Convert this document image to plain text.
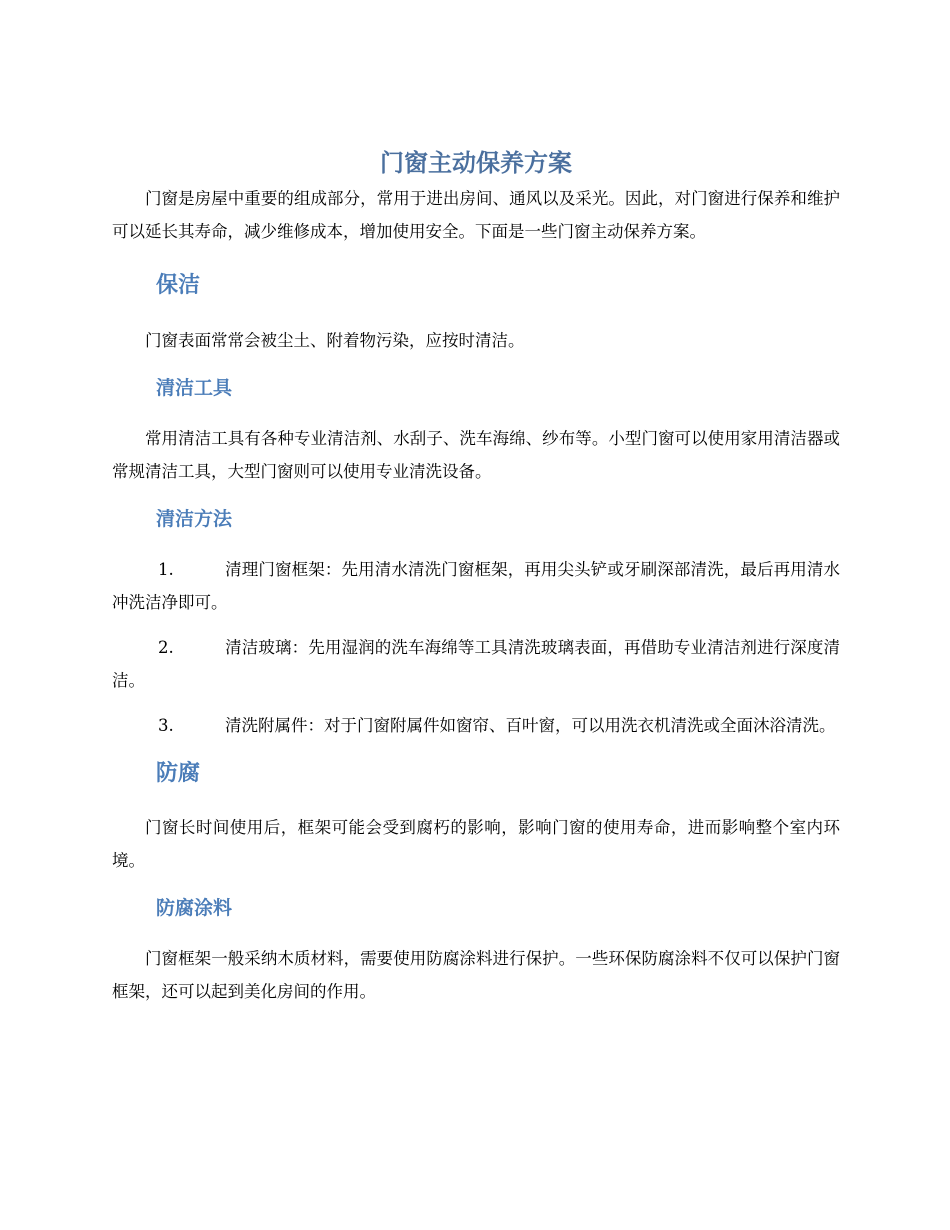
门窗主动保养方案

门窗是房屋中重要的组成部分，常用于进出房间、通风以及采光。因此，对门窗进行保养和维护可以延长其寿命，减少维修成本，增加使用安全。下面是一些门窗主动保养方案。

保洁

门窗表面常常会被尘土、附着物污染，应按时清洁。

清洁工具

常用清洁工具有各种专业清洁剂、水刮子、洗车海绵、纱布等。小型门窗可以使用家用清洁器或常规清洁工具，大型门窗则可以使用专业清洗设备。

清洁方法

1.	清理门窗框架：先用清水清洗门窗框架，再用尖头铲或牙刷深部清洗，最后再用清水冲洗洁净即可。

2.	清洁玻璃：先用湿润的洗车海绵等工具清洗玻璃表面，再借助专业清洁剂进行深度清洁。

3.	清洗附属件：对于门窗附属件如窗帘、百叶窗，可以用洗衣机清洗或全面沐浴清洗。

防腐

门窗长时间使用后，框架可能会受到腐朽的影响，影响门窗的使用寿命，进而影响整个室内环境。

防腐涂料

门窗框架一般采纳木质材料，需要使用防腐涂料进行保护。一些环保防腐涂料不仅可以保护门窗框架，还可以起到美化房间的作用。
